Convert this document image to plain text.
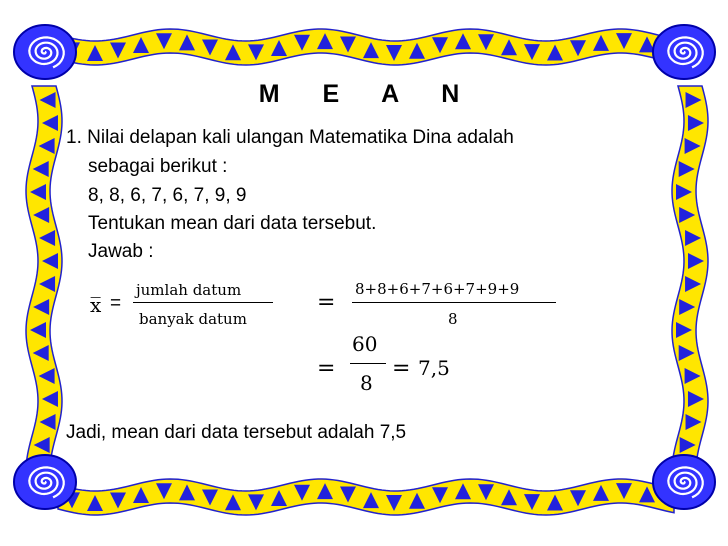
M E A N
1. Nilai delapan kali ulangan Matematika Dina adalah
sebagai berikut :
8, 8, 6, 7, 6, 7, 9, 9
Tentukan mean dari data tersebut.
Jawab :
x̅ =
jumlah datum
banyak datum
=
8+8+6+7+6+7+9+9
8
=
60
8
= 7,5
Jadi, mean dari data tersebut adalah 7,5
